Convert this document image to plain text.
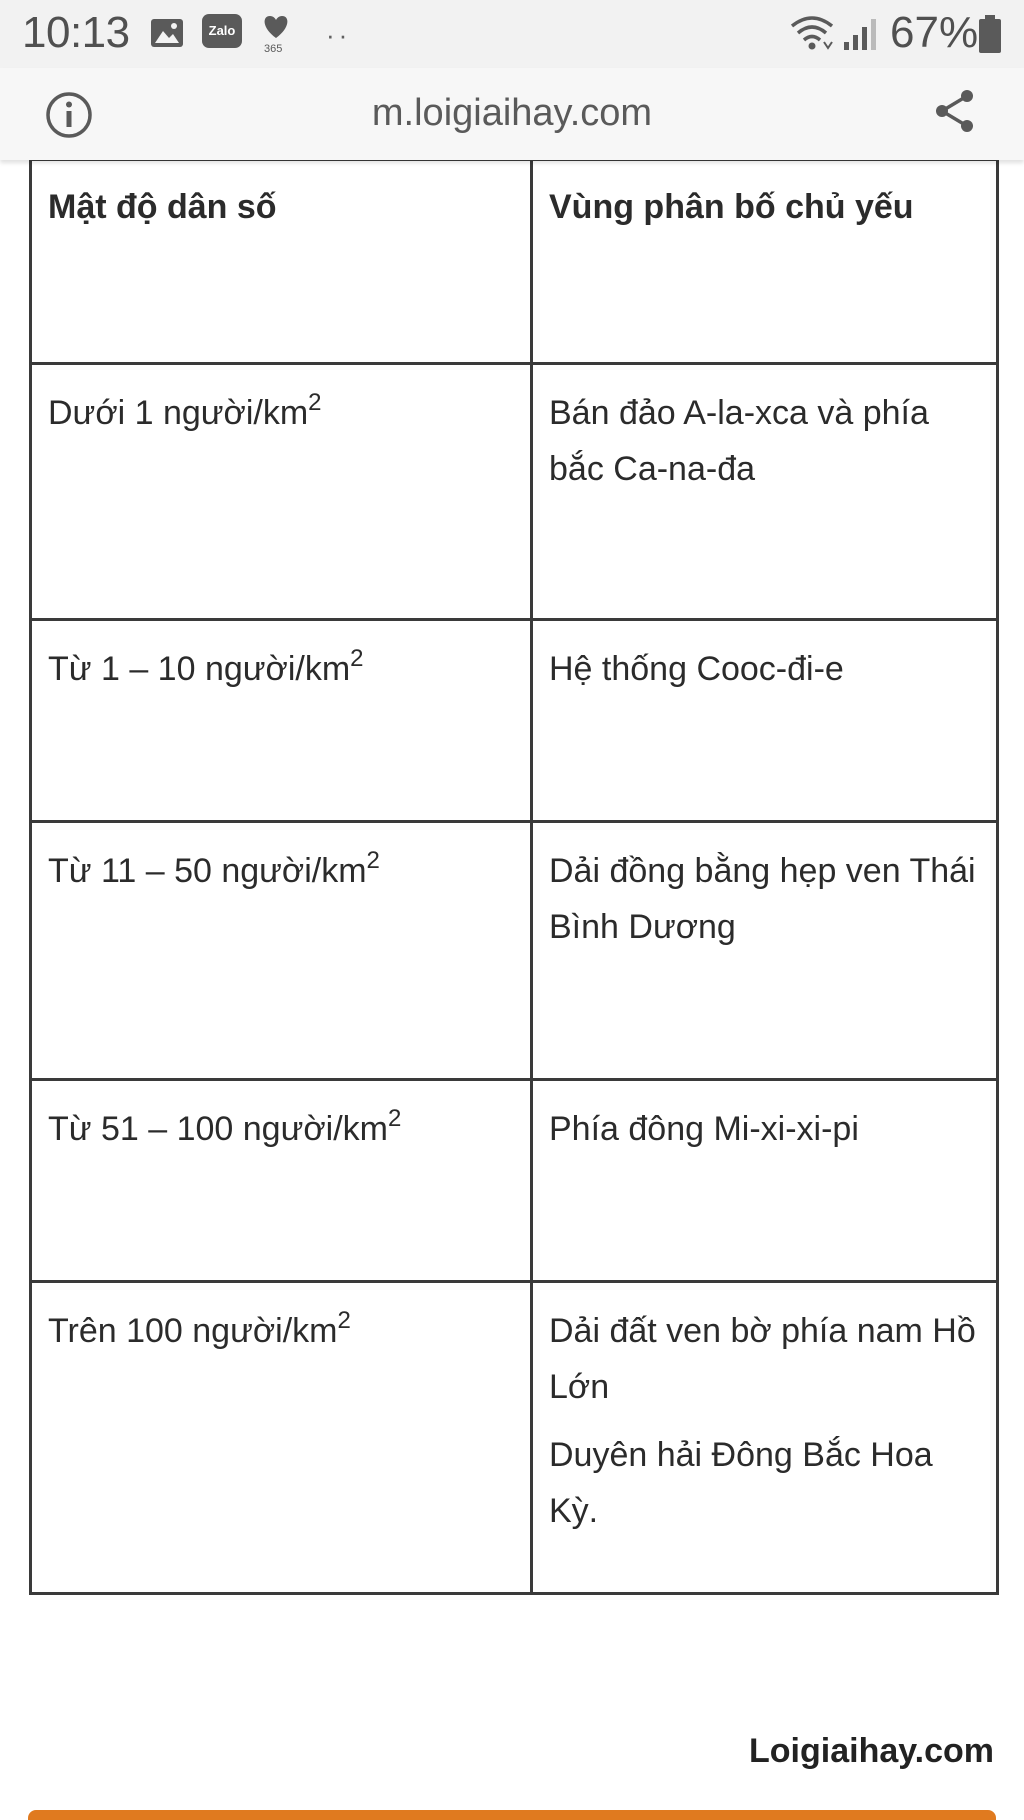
10:13	Zalo
365 ··	67%
m.loigiaihay.com
Mật độ dân số	Vùng phân bố chủ yếu
Dưới 1 người/$km^2$	Bán đảo A-la-xca và phía bắc Ca-na-đa
Từ 1 – 10 người/$km^2$	Hệ thống Cooc-đi-e
Từ 11 – 50 người/$km^2$	Dải đồng bằng hẹp ven Thái Bình Dương
Từ 51 – 100 người/$km^2$	Phía đông Mi-xi-xi-pi
Trên 100 người/$km^2$	Dải đất ven bờ phía nam Hồ Lớn
Duyên hải Đông Bắc Hoa Kỳ.
Loigiaihay.com
